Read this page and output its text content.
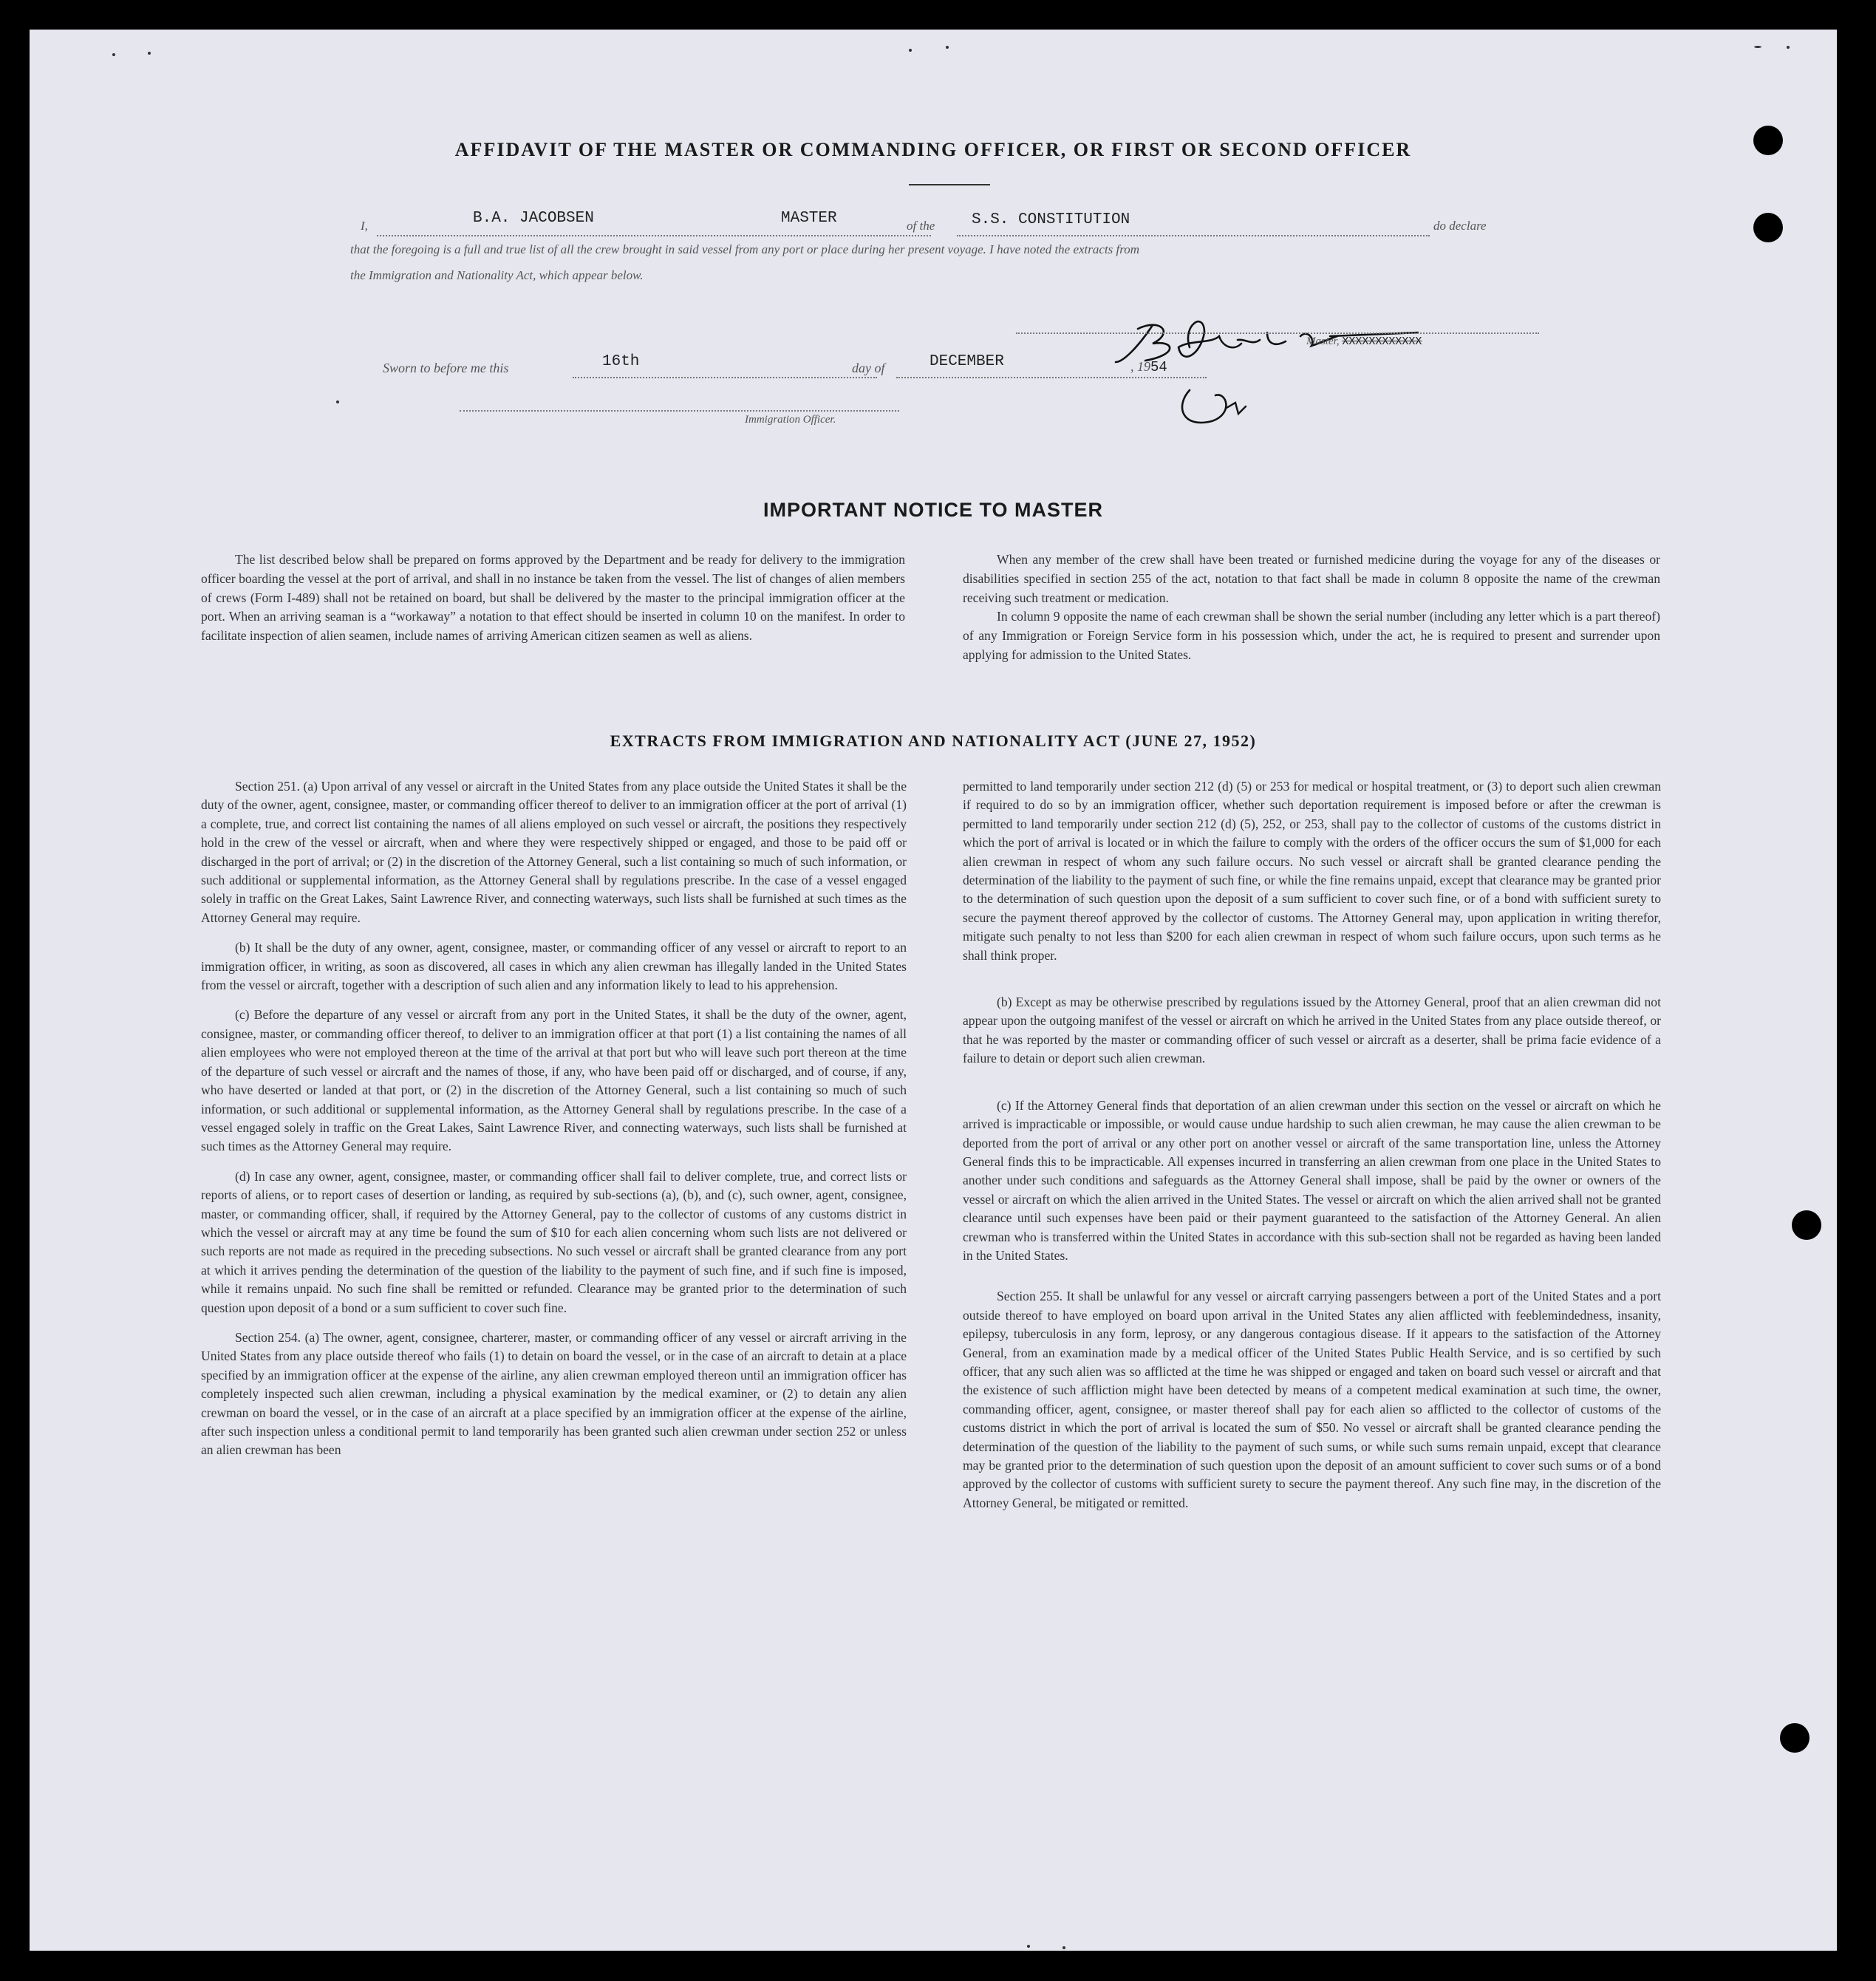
AFFIDAVIT OF THE MASTER OR COMMANDING OFFICER, OR FIRST OR SECOND OFFICER
I,	B.A. JACOBSEN	MASTER	of the S.S. CONSTITUTION	do declare
that the foregoing is a full and true list of all the crew brought in said vessel from any port or place during her present voyage. I have noted the extracts from
the Immigration and Nationality Act, which appear below.
Master, XXXXXXXXXXXX
Sworn to before me this	16th	day of	DECEMBER	, 1954
Immigration Officer.
IMPORTANT NOTICE TO MASTER

The list described below shall be prepared on forms approved by the Department and be ready for delivery to the immigration officer boarding the vessel at the port of arrival, and shall in no instance be taken from the vessel. The list of changes of alien members of crews (Form I-489) shall not be retained on board, but shall be delivered by the master to the principal immigration officer at the port. When an arriving seaman is a “workaway” a notation to that effect should be inserted in column 10 on the manifest. In order to facilitate inspection of alien seamen, include names of arriving American citizen seamen as well as aliens.

When any member of the crew shall have been treated or furnished medicine during the voyage for any of the diseases or disabilities specified in section 255 of the act, notation to that fact shall be made in column 8 opposite the name of the crewman receiving such treatment or medication.

In column 9 opposite the name of each crewman shall be shown the serial number (including any letter which is a part thereof) of any Immigration or Foreign Service form in his possession which, under the act, he is required to present and surrender upon applying for admission to the United States.

EXTRACTS FROM IMMIGRATION AND NATIONALITY ACT (JUNE 27, 1952)

Section 251. (a) Upon arrival of any vessel or aircraft in the United States from any place outside the United States it shall be the duty of the owner, agent, consignee, master, or commanding officer thereof to deliver to an immigration officer at the port of arrival (1) a complete, true, and correct list containing the names of all aliens employed on such vessel or aircraft, the positions they respectively hold in the crew of the vessel or aircraft, when and where they were respectively shipped or engaged, and those to be paid off or discharged in the port of arrival; or (2) in the discretion of the Attorney General, such a list containing so much of such information, or such additional or supplemental information, as the Attorney General shall by regulations prescribe. In the case of a vessel engaged solely in traffic on the Great Lakes, Saint Lawrence River, and connecting waterways, such lists shall be furnished at such times as the Attorney General may require.

(b) It shall be the duty of any owner, agent, consignee, master, or commanding officer of any vessel or aircraft to report to an immigration officer, in writing, as soon as discovered, all cases in which any alien crewman has illegally landed in the United States from the vessel or aircraft, together with a description of such alien and any information likely to lead to his apprehension.

(c) Before the departure of any vessel or aircraft from any port in the United States, it shall be the duty of the owner, agent, consignee, master, or commanding officer thereof, to deliver to an immigration officer at that port (1) a list containing the names of all alien employees who were not employed thereon at the time of the arrival at that port but who will leave such port thereon at the time of the departure of such vessel or aircraft and the names of those, if any, who have been paid off or discharged, and of course, if any, who have deserted or landed at that port, or (2) in the discretion of the Attorney General, such a list containing so much of such information, or such additional or supplemental information, as the Attorney General shall by regulations prescribe. In the case of a vessel engaged solely in traffic on the Great Lakes, Saint Lawrence River, and connecting waterways, such lists shall be furnished at such times as the Attorney General may require.

(d) In case any owner, agent, consignee, master, or commanding officer shall fail to deliver complete, true, and correct lists or reports of aliens, or to report cases of desertion or landing, as required by sub-sections (a), (b), and (c), such owner, agent, consignee, master, or commanding officer, shall, if required by the Attorney General, pay to the collector of customs of any customs district in which the vessel or aircraft may at any time be found the sum of $10 for each alien concerning whom such lists are not delivered or such reports are not made as required in the preceding subsections. No such vessel or aircraft shall be granted clearance from any port at which it arrives pending the determination of the question of the liability to the payment of such fine, and if such fine is imposed, while it remains unpaid. No such fine shall be remitted or refunded. Clearance may be granted prior to the determination of such question upon deposit of a bond or a sum sufficient to cover such fine.

Section 254. (a) The owner, agent, consignee, charterer, master, or commanding officer of any vessel or aircraft arriving in the United States from any place outside thereof who fails (1) to detain on board the vessel, or in the case of an aircraft to detain at a place specified by an immigration officer at the expense of the airline, any alien crewman employed thereon until an immigration officer has completely inspected such alien crewman, including a physical examination by the medical examiner, or (2) to detain any alien crewman on board the vessel, or in the case of an aircraft at a place specified by an immigration officer at the expense of the airline, after such inspection unless a conditional permit to land temporarily has been granted such alien crewman under section 252 or unless an alien crewman has been

permitted to land temporarily under section 212 (d) (5) or 253 for medical or hospital treatment, or (3) to deport such alien crewman if required to do so by an immigration officer, whether such deportation requirement is imposed before or after the crewman is permitted to land temporarily under section 212 (d) (5), 252, or 253, shall pay to the collector of customs of the customs district in which the port of arrival is located or in which the failure to comply with the orders of the officer occurs the sum of $1,000 for each alien crewman in respect of whom any such failure occurs. No such vessel or aircraft shall be granted clearance pending the determination of the liability to the payment of such fine, or while the fine remains unpaid, except that clearance may be granted prior to the determination of such question upon the deposit of a sum sufficient to cover such fine, or of a bond with sufficient surety to secure the payment thereof approved by the collector of customs. The Attorney General may, upon application in writing therefor, mitigate such penalty to not less than $200 for each alien crewman in respect of whom such failure occurs, upon such terms as he shall think proper.

(b) Except as may be otherwise prescribed by regulations issued by the Attorney General, proof that an alien crewman did not appear upon the outgoing manifest of the vessel or aircraft on which he arrived in the United States from any place outside thereof, or that he was reported by the master or commanding officer of such vessel or aircraft as a deserter, shall be prima facie evidence of a failure to detain or deport such alien crewman.

(c) If the Attorney General finds that deportation of an alien crewman under this section on the vessel or aircraft on which he arrived is impracticable or impossible, or would cause undue hardship to such alien crewman, he may cause the alien crewman to be deported from the port of arrival or any other port on another vessel or aircraft of the same transportation line, unless the Attorney General finds this to be impracticable. All expenses incurred in transferring an alien crewman from one place in the United States to another under such conditions and safeguards as the Attorney General shall impose, shall be paid by the owner or owners of the vessel or aircraft on which the alien arrived in the United States. The vessel or aircraft on which the alien arrived shall not be granted clearance until such expenses have been paid or their payment guaranteed to the satisfaction of the Attorney General. An alien crewman who is transferred within the United States in accordance with this sub-section shall not be regarded as having been landed in the United States.

Section 255. It shall be unlawful for any vessel or aircraft carrying passengers between a port of the United States and a port outside thereof to have employed on board upon arrival in the United States any alien afflicted with feeblemindedness, insanity, epilepsy, tuberculosis in any form, leprosy, or any dangerous contagious disease. If it appears to the satisfaction of the Attorney General, from an examination made by a medical officer of the United States Public Health Service, and is so certified by such officer, that any such alien was so afflicted at the time he was shipped or engaged and taken on board such vessel or aircraft and that the existence of such affliction might have been detected by means of a competent medical examination at such time, the owner, commanding officer, agent, consignee, or master thereof shall pay for each alien so afflicted to the collector of customs of the customs district in which the port of arrival is located the sum of $50. No vessel or aircraft shall be granted clearance pending the determination of the question of the liability to the payment of such sums, or while such sums remain unpaid, except that clearance may be granted prior to the determination of such question upon the deposit of an amount sufficient to cover such sums or of a bond approved by the collector of customs with sufficient surety to secure the payment thereof. Any such fine may, in the discretion of the Attorney General, be mitigated or remitted.
